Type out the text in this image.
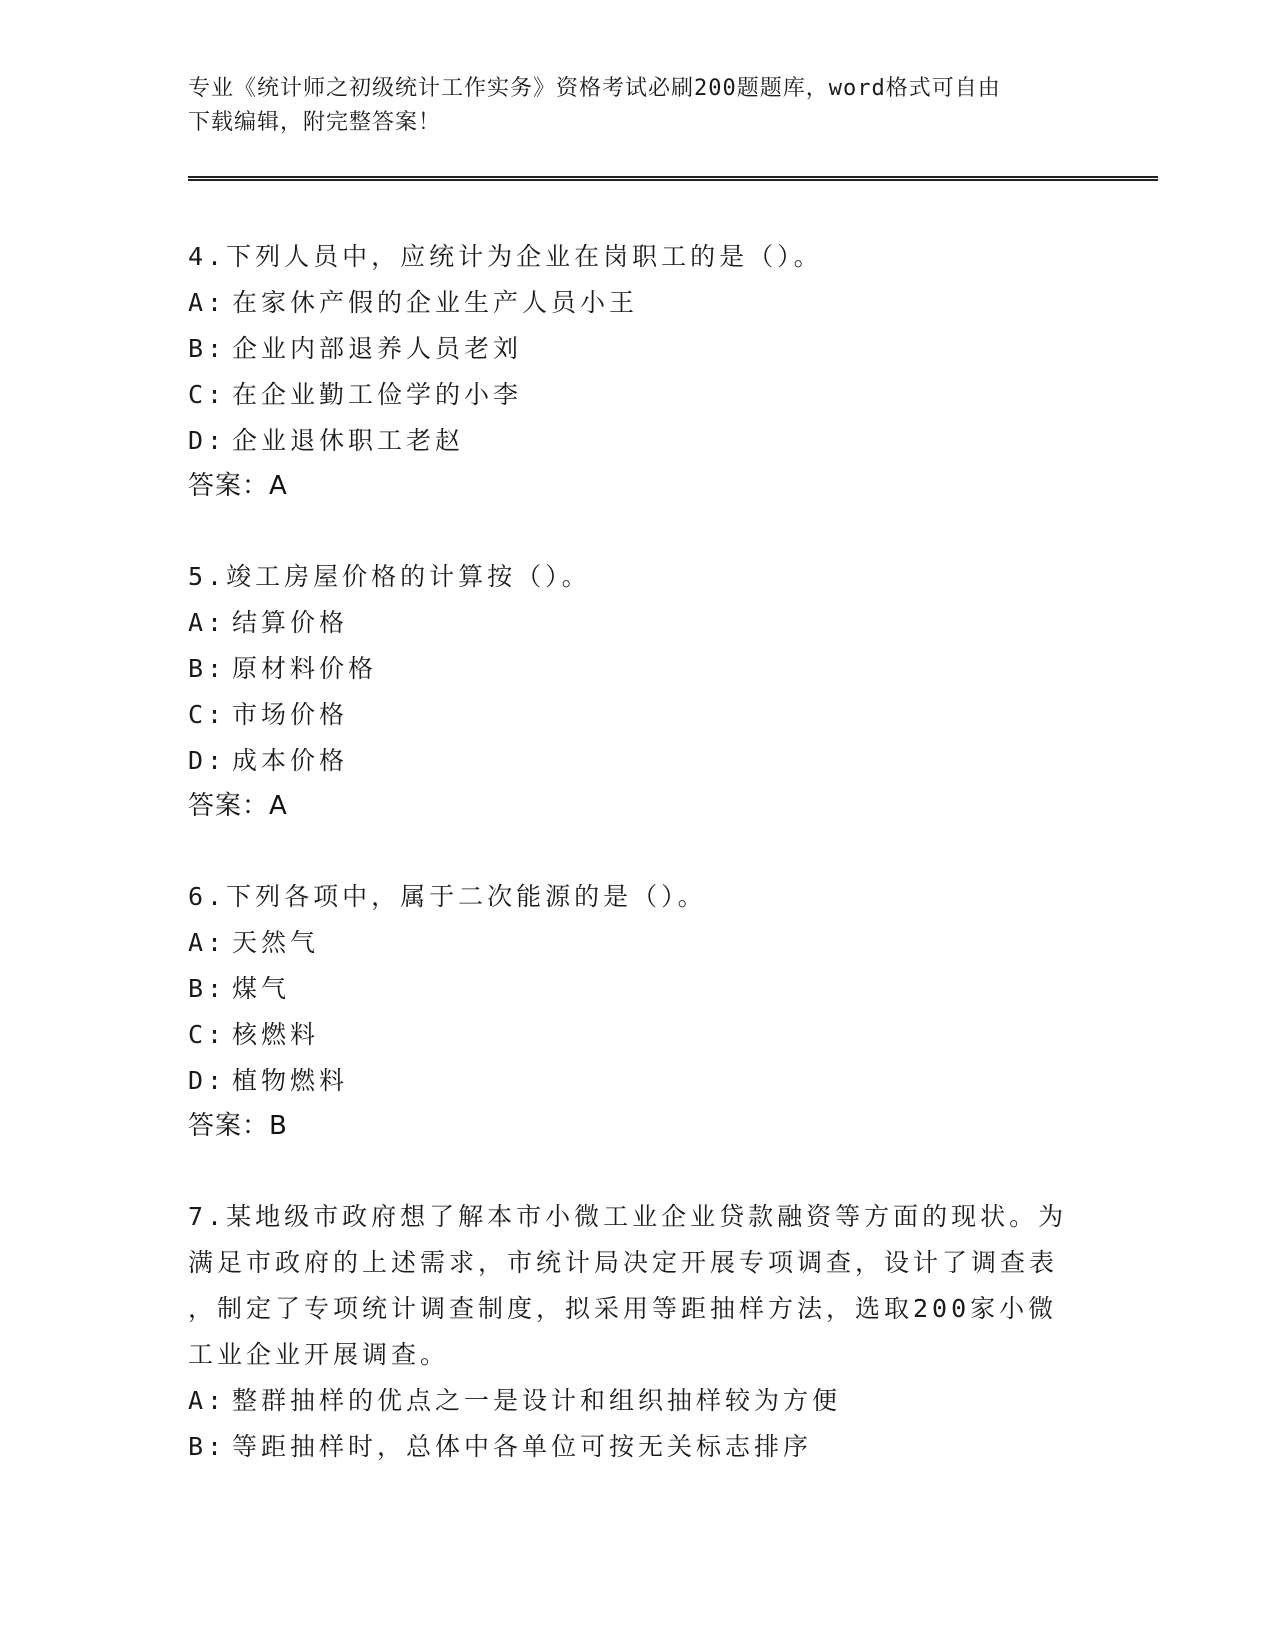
专业《统计师之初级统计工作实务》资格考试必刷200题题库，word格式可自由
下载编辑，附完整答案！
4.下列人员中，应统计为企业在岗职工的是（）。
A: 在家休产假的企业生产人员小王
B: 企业内部退养人员老刘
C: 在企业勤工俭学的小李
D: 企业退休职工老赵
答案：A
5.竣工房屋价格的计算按（）。
A: 结算价格
B: 原材料价格
C: 市场价格
D: 成本价格
答案：A
6.下列各项中，属于二次能源的是（）。
A: 天然气
B: 煤气
C: 核燃料
D: 植物燃料
答案：B
7.某地级市政府想了解本市小微工业企业贷款融资等方面的现状。为
满足市政府的上述需求，市统计局决定开展专项调查，设计了调查表
，制定了专项统计调查制度，拟采用等距抽样方法，选取200家小微
工业企业开展调查。
A: 整群抽样的优点之一是设计和组织抽样较为方便
B: 等距抽样时，总体中各单位可按无关标志排序
